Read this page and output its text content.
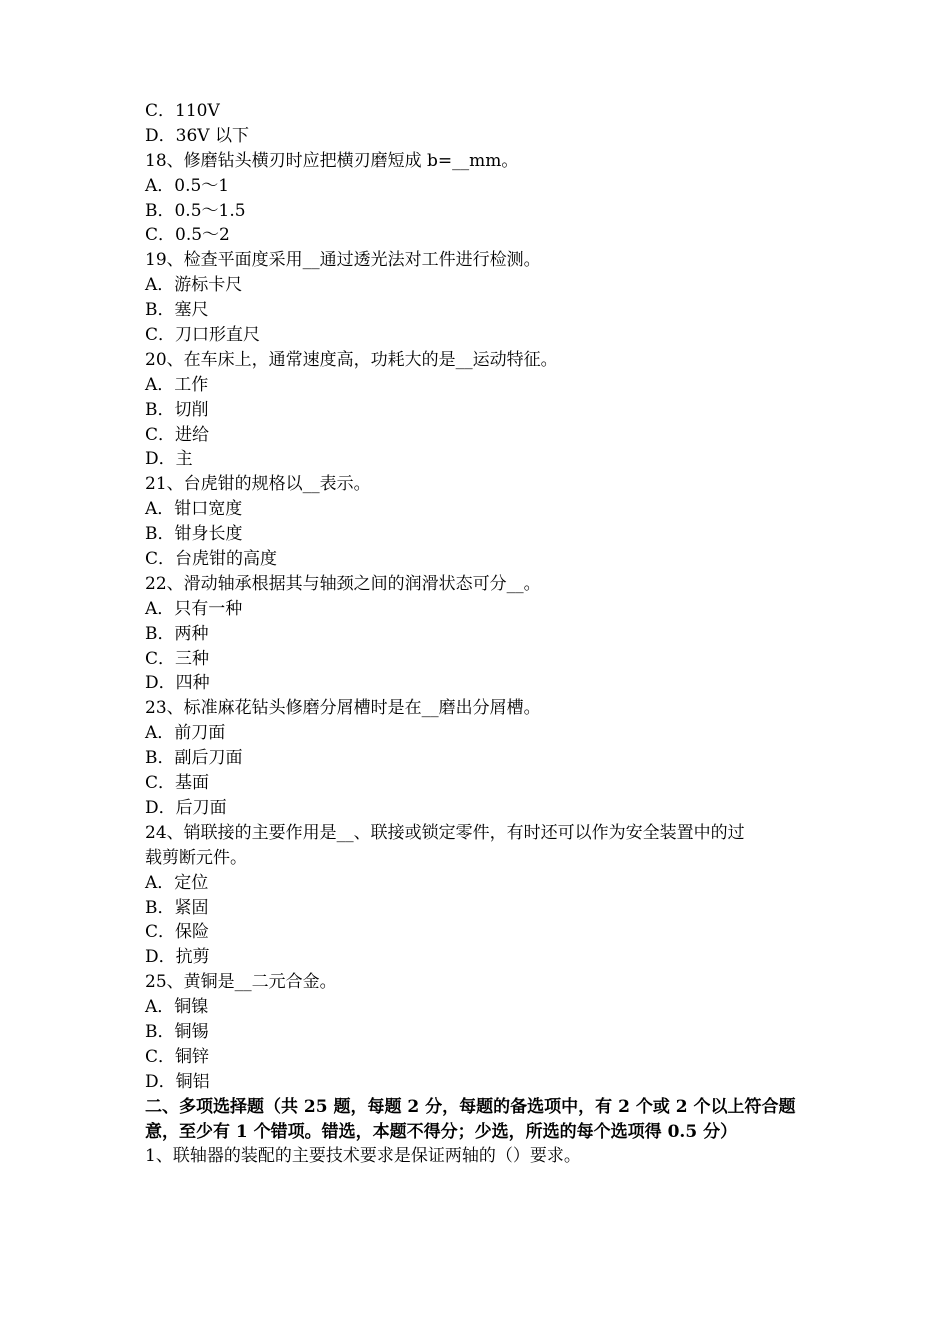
C．110V
D．36V 以下
18、修磨钻头横刃时应把横刃磨短成 b=__mm。
A．0.5～1
B．0.5～1.5
C．0.5～2
19、检查平面度采用__通过透光法对工件进行检测。
A．游标卡尺
B．塞尺
C．刀口形直尺
20、在车床上，通常速度高，功耗大的是__运动特征。
A．工作
B．切削
C．进给
D．主
21、台虎钳的规格以__表示。
A．钳口宽度
B．钳身长度
C．台虎钳的高度
22、滑动轴承根据其与轴颈之间的润滑状态可分__。
A．只有一种
B．两种
C．三种
D．四种
23、标准麻花钻头修磨分屑槽时是在__磨出分屑槽。
A．前刀面
B．副后刀面
C．基面
D．后刀面
24、销联接的主要作用是__、联接或锁定零件，有时还可以作为安全装置中的过
载剪断元件。
A．定位
B．紧固
C．保险
D．抗剪
25、黄铜是__二元合金。
A．铜镍
B．铜锡
C．铜锌
D．铜铝
二、多项选择题（共 25 题，每题 2 分，每题的备选项中，有 2 个或 2 个以上符合题意，至少有 1 个错项。错选，本题不得分；少选，所选的每个选项得 0.5 分）
1、联轴器的装配的主要技术要求是保证两轴的（）要求。
